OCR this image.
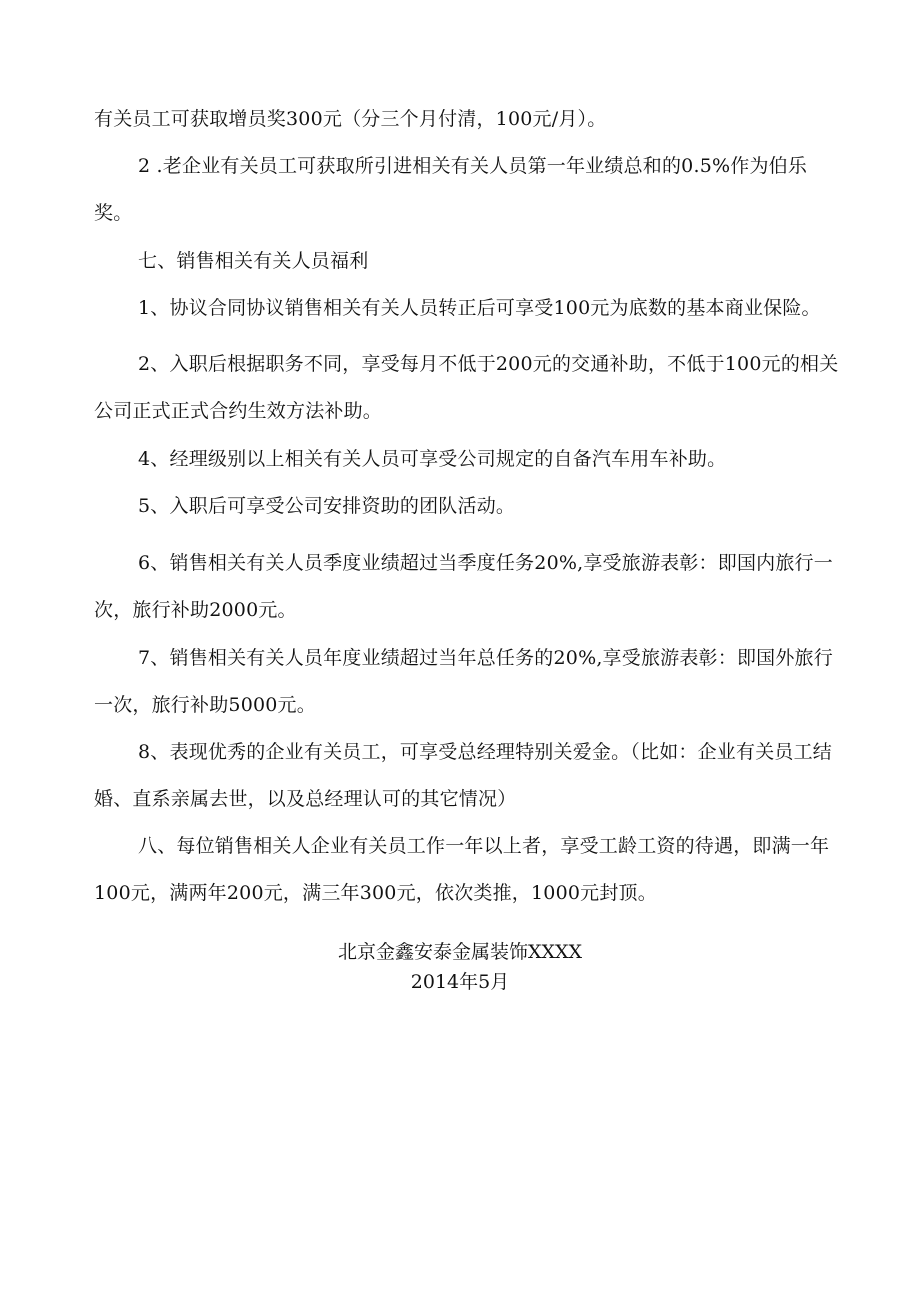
有关员工可获取增员奖300元（分三个月付清，100元/月）。

2 .老企业有关员工可获取所引进相关有关人员第一年业绩总和的0.5%作为伯乐奖。

七、销售相关有关人员福利

1、协议合同协议销售相关有关人员转正后可享受100元为底数的基本商业保险。

2、入职后根据职务不同，享受每月不低于200元的交通补助，不低于100元的相关公司正式正式合约生效方法补助。

4、经理级别以上相关有关人员可享受公司规定的自备汽车用车补助。

5、入职后可享受公司安排资助的团队活动。

6、销售相关有关人员季度业绩超过当季度任务20%,享受旅游表彰：即国内旅行一次，旅行补助2000元。

7、销售相关有关人员年度业绩超过当年总任务的20%,享受旅游表彰：即国外旅行一次，旅行补助5000元。

8、表现优秀的企业有关员工，可享受总经理特别关爱金。（比如：企业有关员工结婚、直系亲属去世，以及总经理认可的其它情况）

八、每位销售相关人企业有关员工作一年以上者，享受工龄工资的待遇，即满一年100元，满两年200元，满三年300元，依次类推，1000元封顶。

北京金鑫安泰金属装饰XXXX

2014年5月
